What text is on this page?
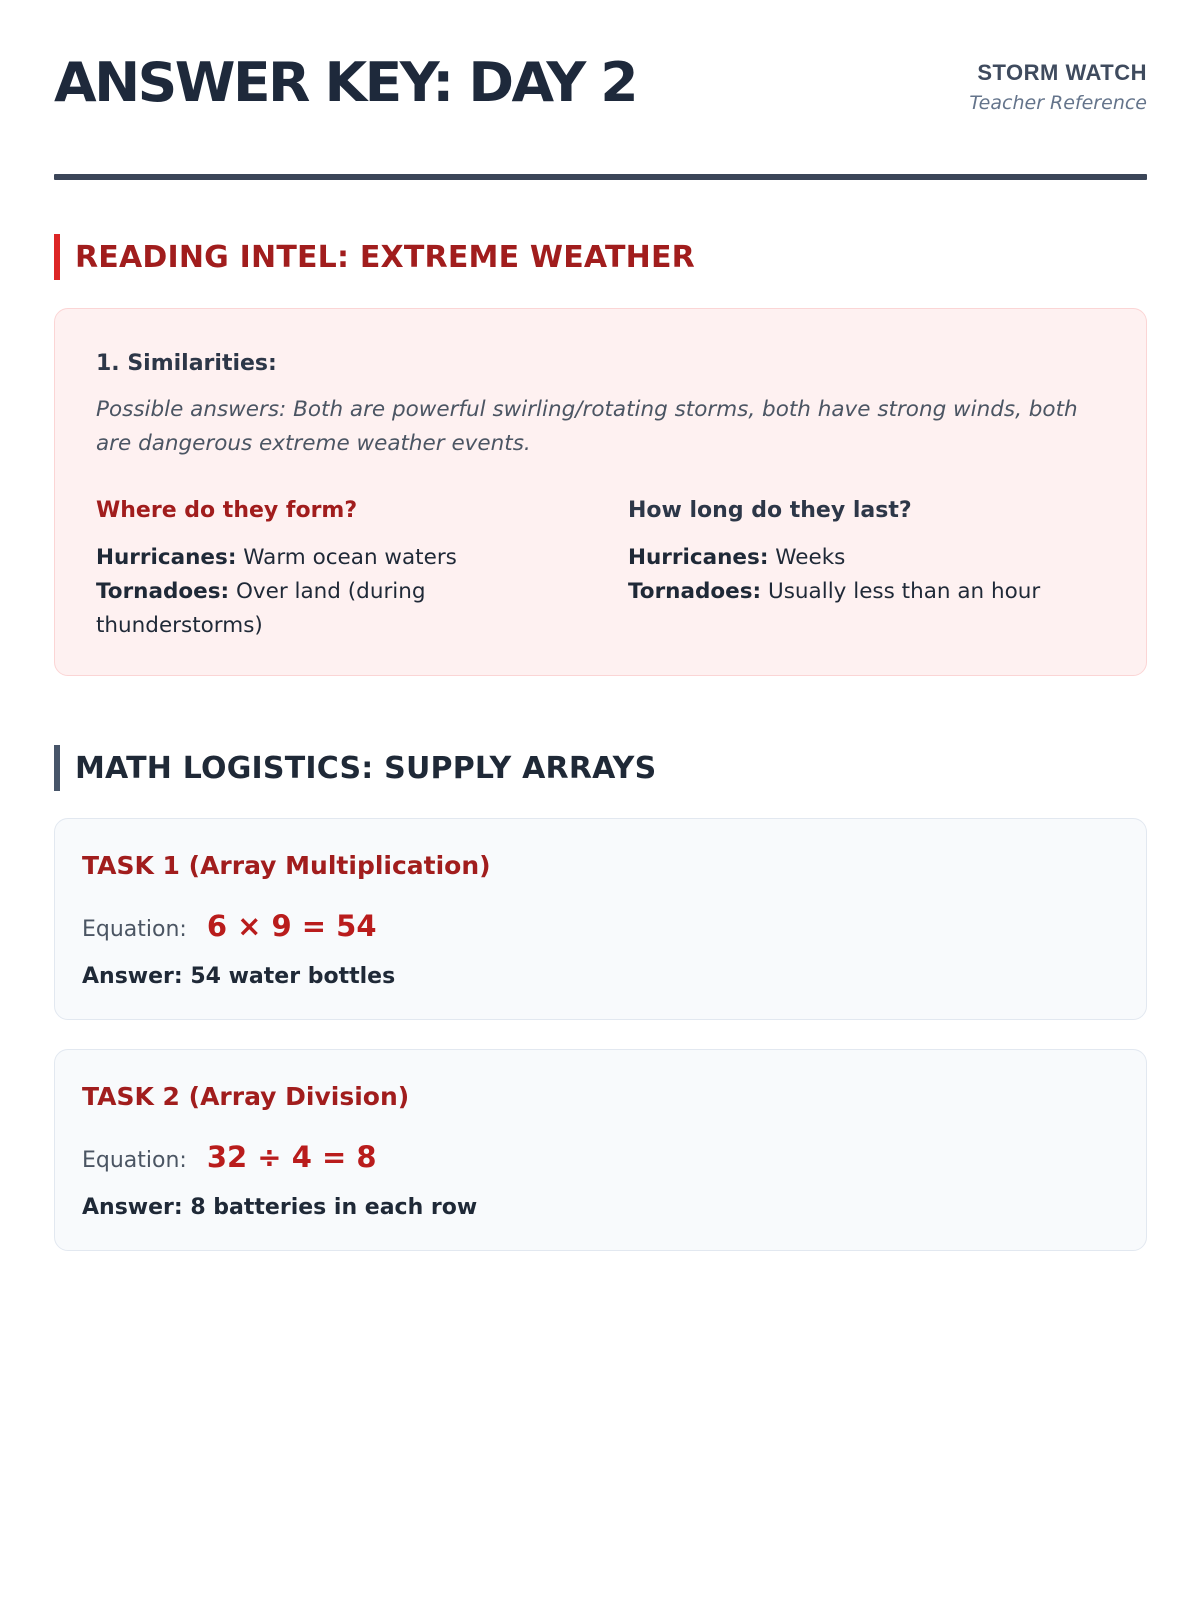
ANSWER KEY: DAY 2	STORM WATCH
Teacher Reference
READING INTEL: EXTREME WEATHER
1. Similarities:
Possible answers: Both are powerful swirling/rotating storms, both have strong winds, both are dangerous extreme weather events.
Where do they form?
Hurricanes: Warm ocean waters
Tornadoes: Over land (during thunderstorms)
How long do they last?
Hurricanes: Weeks
Tornadoes: Usually less than an hour
MATH LOGISTICS: SUPPLY ARRAYS
TASK 1 (Array Multiplication)
Equation: 6 × 9 = 54
Answer: 54 water bottles
TASK 2 (Array Division)
Equation: 32 ÷ 4 = 8
Answer: 8 batteries in each row
